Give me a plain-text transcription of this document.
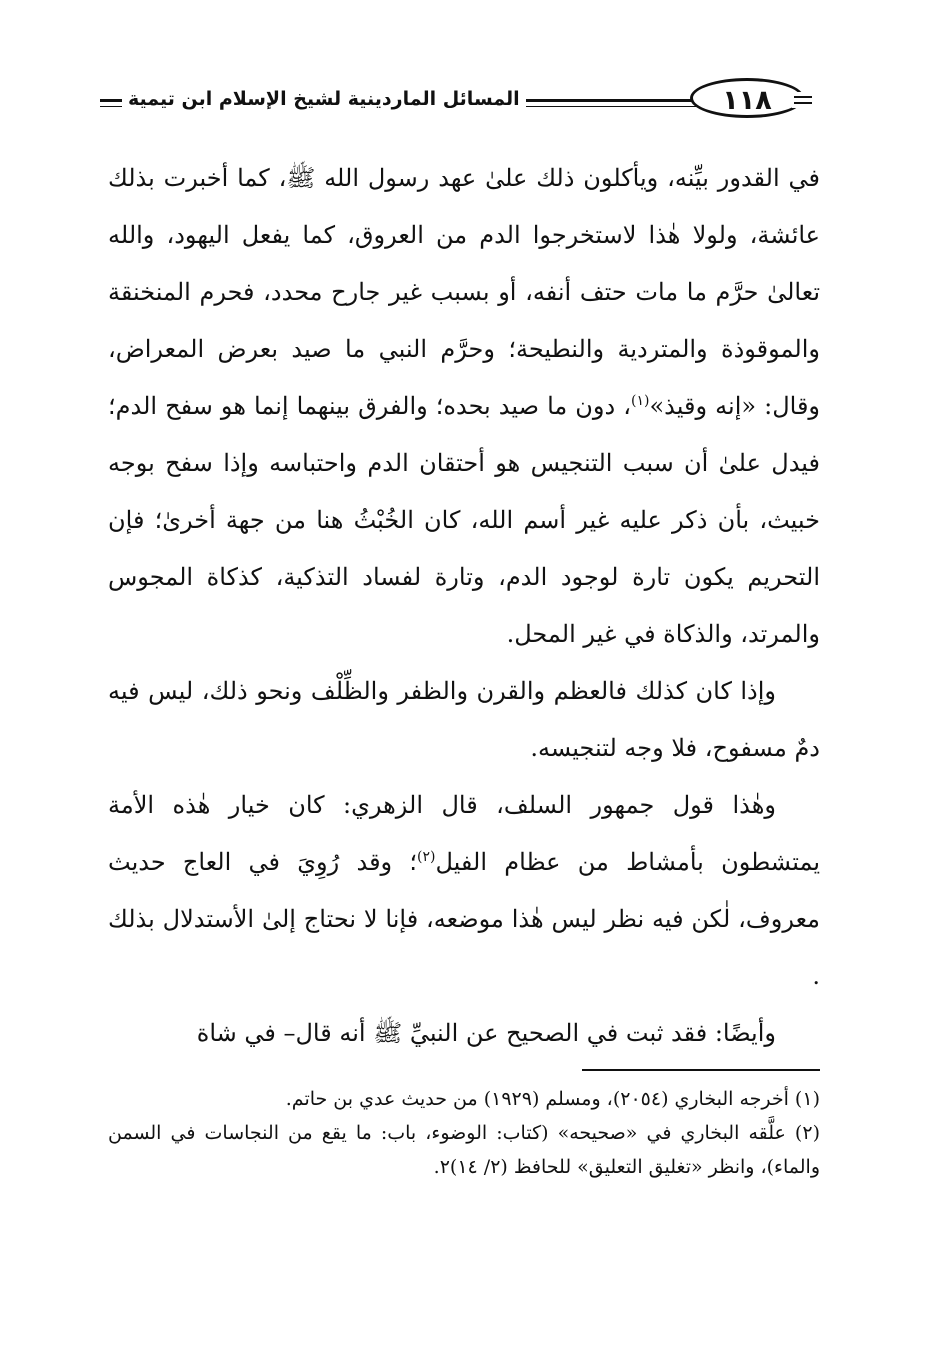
المسائل الماردينية لشيخ الإسلام ابن تيمية	١١٨

في القدور بيِّنه، ويأكلون ذلك علىٰ عهد رسول الله ﷺ، كما أخبرت بذلك عائشة، ولولا هٰذا لاستخرجوا الدم من العروق، كما يفعل اليهود، والله تعالىٰ حرَّم ما مات حتف أنفه، أو بسبب غير جارح محدد، فحرم المنخنقة والموقوذة والمتردية والنطيحة؛ وحرَّم النبي ما صيد بعرض المعراض، وقال: «إنه وقيذ»$^{(١)}$، دون ما صيد بحده؛ والفرق بينهما إنما هو سفح الدم؛ فيدل علىٰ أن سبب التنجيس هو أحتقان الدم واحتباسه وإذا سفح بوجه خبيث، بأن ذكر عليه غير أسم الله، كان الخُبْثُ هنا من جهة أخرىٰ؛ فإن التحريم يكون تارة لوجود الدم، وتارة لفساد التذكية، كذكاة المجوس والمرتد، والذكاة في غير المحل.

وإذا كان كذلك فالعظم والقرن والظفر والظِّلْف ونحو ذلك، ليس فيه دمٌ مسفوح، فلا وجه لتنجيسه.

وهٰذا قول جمهور السلف، قال الزهري: كان خيار هٰذه الأمة يمتشطون بأمشاط من عظام الفيل$^{(٢)}$؛ وقد رُوِيَ في العاج حديث معروف، لٰكن فيه نظر ليس هٰذا موضعه، فإنا لا نحتاج إلىٰ الأستدلال بذلك .

وأيضًا: فقد ثبت في الصحيح عن النبيِّ ﷺ أنه قال– في شاة

(١) أخرجه البخاري (٢٠٥٤)، ومسلم (١٩٢٩) من حديث عدي بن حاتم.

(٢) علَّقه البخاري في «صحيحه» (كتاب: الوضوء، باب: ما يقع من النجاسات في السمن والماء)، وانظر «تغليق التعليق» للحافظ (٢/ ١٤)٢.
